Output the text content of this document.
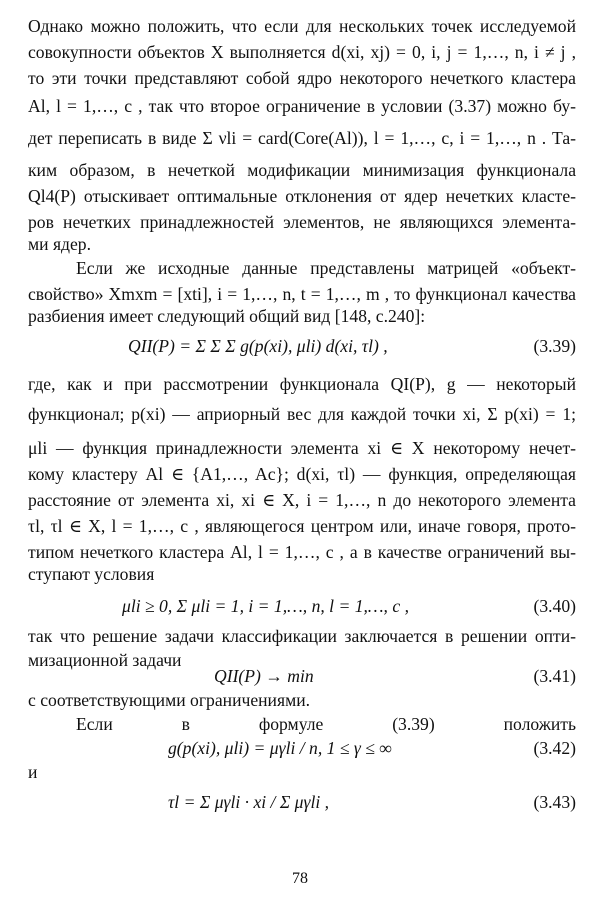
Однако можно положить, что если для нескольких точек исследуемой
совокупности объектов X выполняется d(xi, xj) = 0, i, j = 1,…, n, i ≠ j ,
то эти точки представляют собой ядро некоторого нечеткого кластера
Al, l = 1,…, c , так что второе ограничение в условии (3.37) можно бу-
дет переписать в виде Σ νli = card(Core(Al)), l = 1,…, c, i = 1,…, n . Та-
ким образом, в нечеткой модификации минимизация функционала
Ql4(P) отыскивает оптимальные отклонения от ядер нечетких класте-
ров нечетких принадлежностей элементов, не являющихся элемента-
ми ядер.
Если же исходные данные представлены матрицей «объект-
свойство» Xmxm = [xti], i = 1,…, n, t = 1,…, m , то функционал качества
разбиения имеет следующий общий вид [148, с.240]:
QII(P) = Σ Σ Σ g(p(xi), μli) d(xi, τl) ,	(3.39)
где, как и при рассмотрении функционала QI(P), g — некоторый
функционал; p(xi) — априорный вес для каждой точки xi, Σ p(xi) = 1;
μli — функция принадлежности элемента xi ∈ X некоторому нечет-
кому кластеру Al ∈ {A1,…, Ac}; d(xi, τl) — функция, определяющая
расстояние от элемента xi, xi ∈ X, i = 1,…, n до некоторого элемента
τl, τl ∈ X, l = 1,…, c , являющегося центром или, иначе говоря, прото-
типом нечеткого кластера Al, l = 1,…, c , а в качестве ограничений вы-
ступают условия
μli ≥ 0, Σ μli = 1, i = 1,…, n, l = 1,…, c ,	(3.40)
так что решение задачи классификации заключается в решении опти-
мизационной задачи
QII(P) → min	(3.41)
с соответствующими ограничениями.
Если в формуле (3.39) положить
g(p(xi), μli) = μγli / n, 1 ≤ γ ≤ ∞	(3.42)
и
τl = Σ μγli · xi / Σ μγli ,	(3.43)
78
